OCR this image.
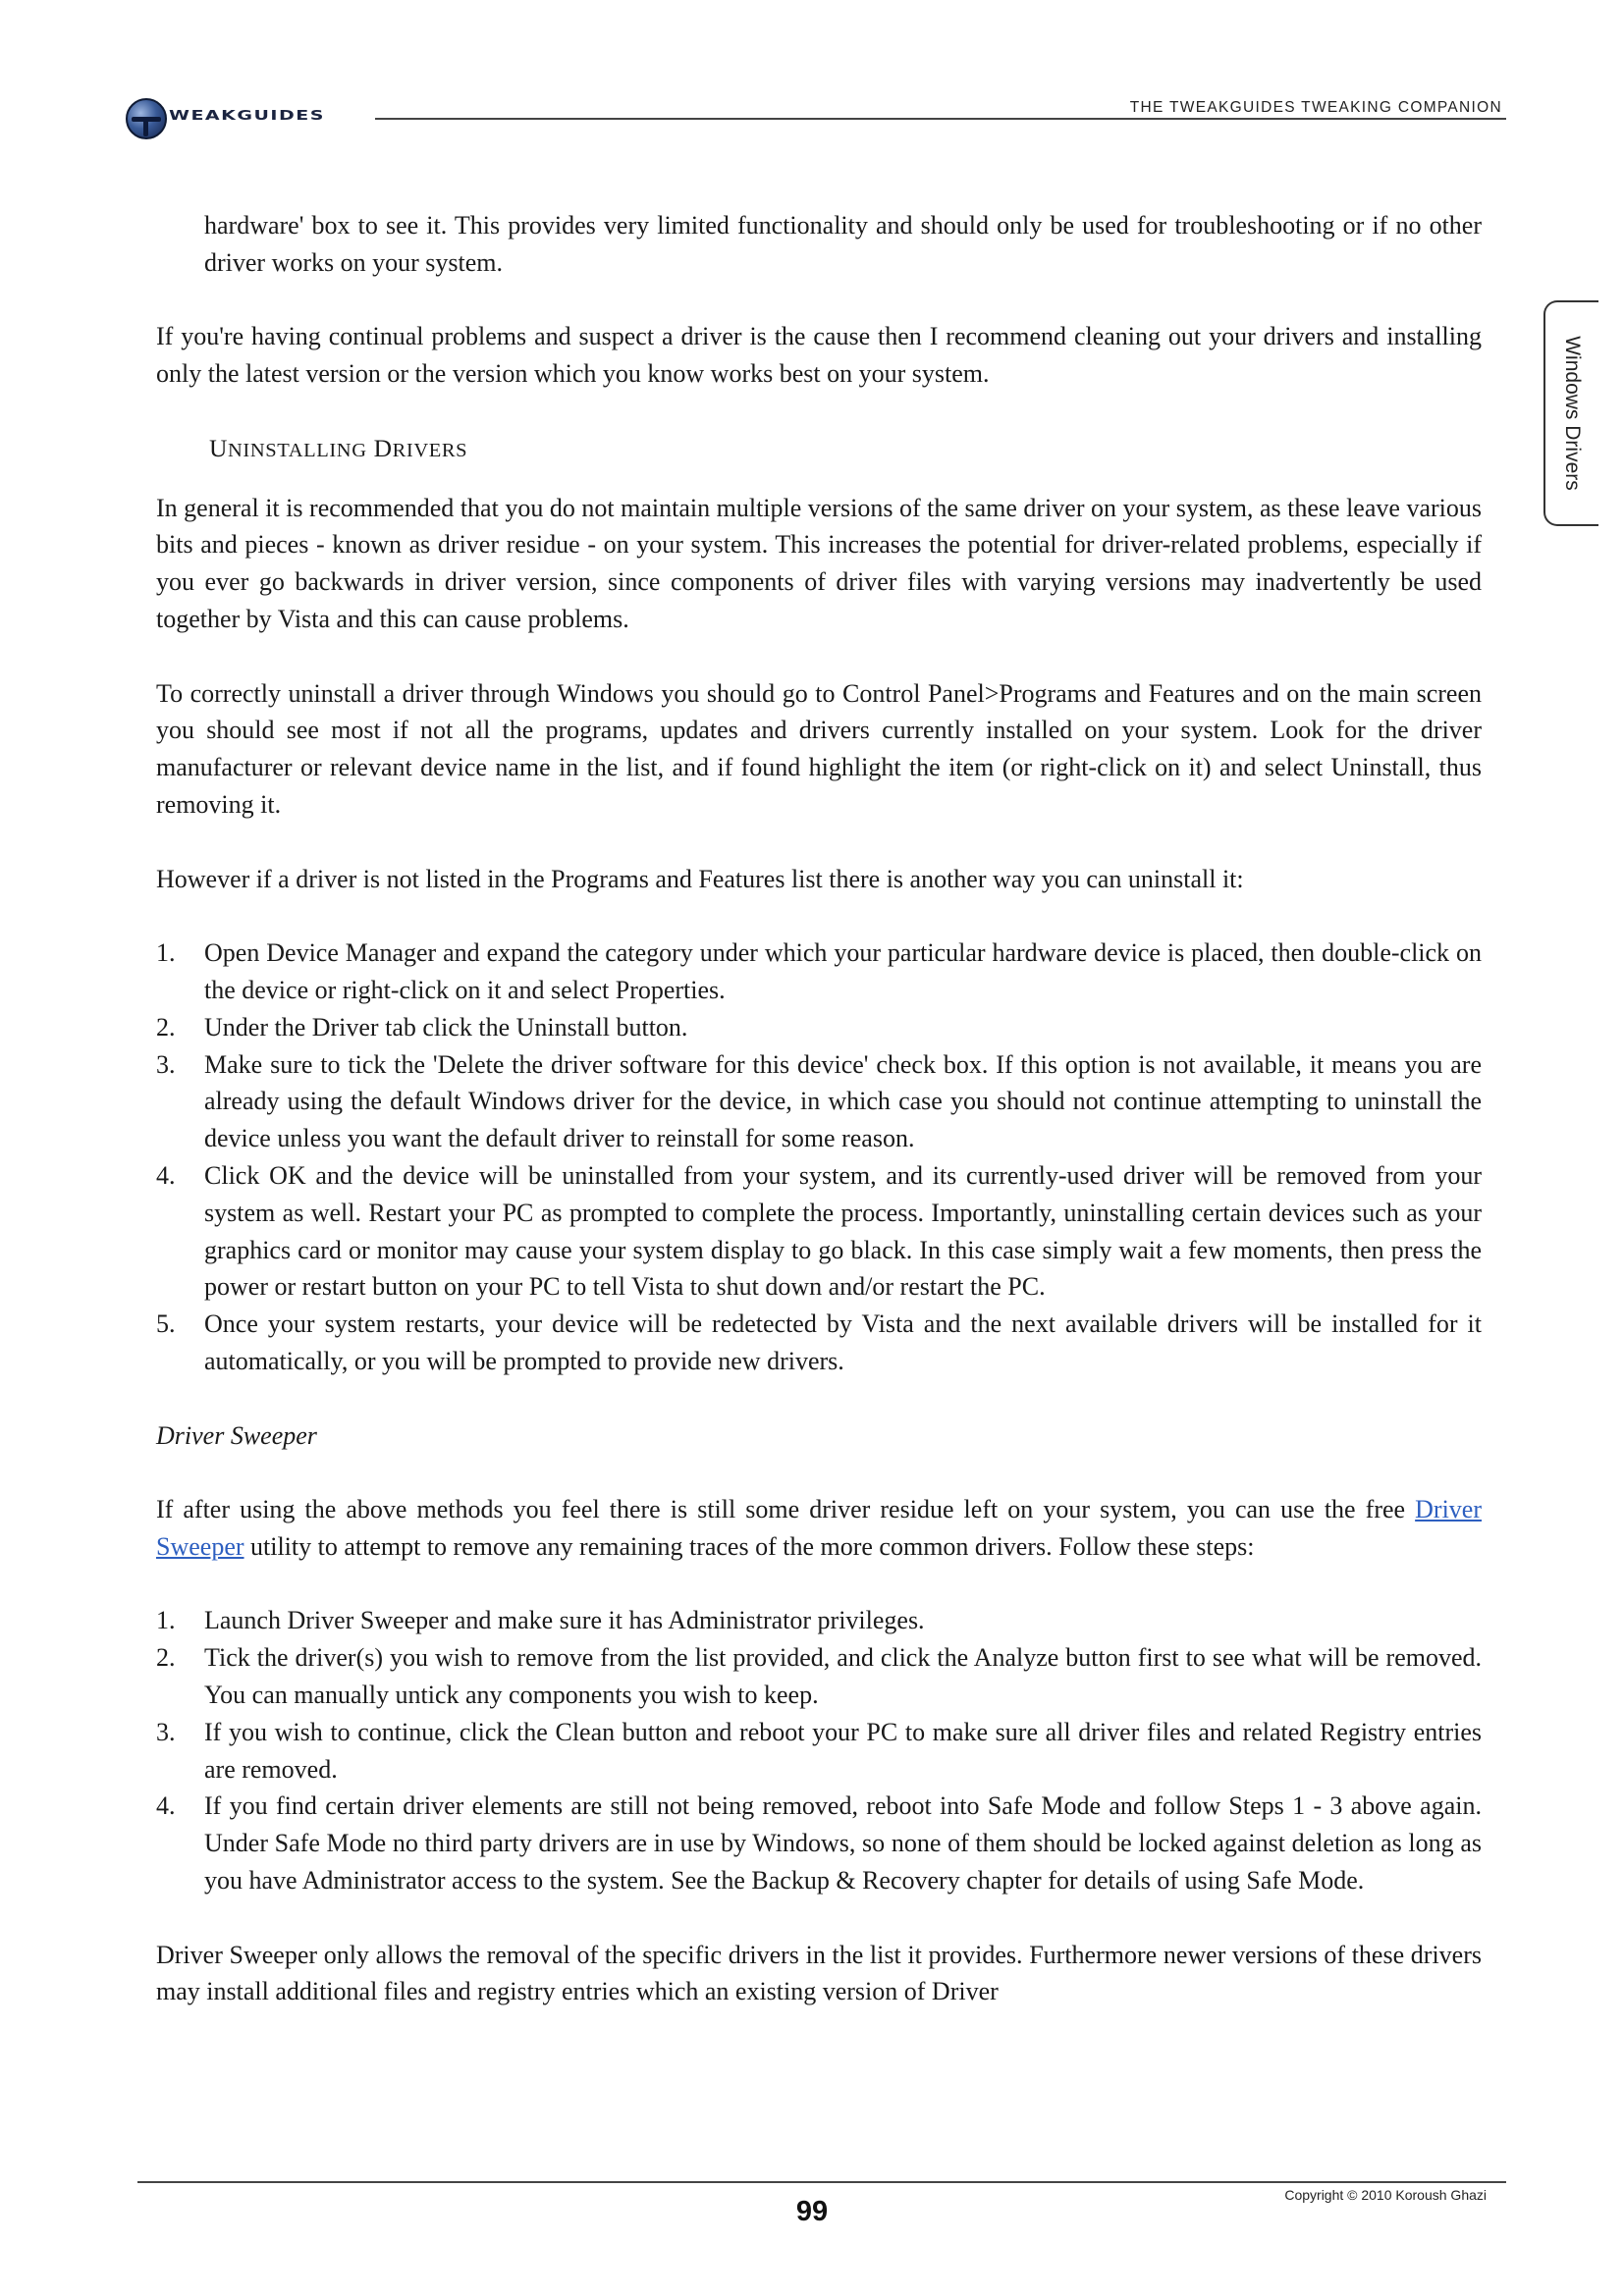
WEAKGUIDES	THE TWEAKGUIDES TWEAKING COMPANION
Windows Drivers

hardware' box to see it. This provides very limited functionality and should only be used for troubleshooting or if no other driver works on your system.

If you're having continual problems and suspect a driver is the cause then I recommend cleaning out your drivers and installing only the latest version or the version which you know works best on your system.

UNINSTALLING DRIVERS

In general it is recommended that you do not maintain multiple versions of the same driver on your system, as these leave various bits and pieces - known as driver residue - on your system. This increases the potential for driver-related problems, especially if you ever go backwards in driver version, since components of driver files with varying versions may inadvertently be used together by Vista and this can cause problems.

To correctly uninstall a driver through Windows you should go to Control Panel>Programs and Features and on the main screen you should see most if not all the programs, updates and drivers currently installed on your system. Look for the driver manufacturer or relevant device name in the list, and if found highlight the item (or right-click on it) and select Uninstall, thus removing it.

However if a driver is not listed in the Programs and Features list there is another way you can uninstall it:

1. Open Device Manager and expand the category under which your particular hardware device is placed, then double-click on the device or right-click on it and select Properties.
2. Under the Driver tab click the Uninstall button.
3. Make sure to tick the 'Delete the driver software for this device' check box. If this option is not available, it means you are already using the default Windows driver for the device, in which case you should not continue attempting to uninstall the device unless you want the default driver to reinstall for some reason.
4. Click OK and the device will be uninstalled from your system, and its currently-used driver will be removed from your system as well. Restart your PC as prompted to complete the process. Importantly, uninstalling certain devices such as your graphics card or monitor may cause your system display to go black. In this case simply wait a few moments, then press the power or restart button on your PC to tell Vista to shut down and/or restart the PC.
5. Once your system restarts, your device will be redetected by Vista and the next available drivers will be installed for it automatically, or you will be prompted to provide new drivers.
Driver Sweeper

If after using the above methods you feel there is still some driver residue left on your system, you can use the free Driver Sweeper utility to attempt to remove any remaining traces of the more common drivers. Follow these steps:

1. Launch Driver Sweeper and make sure it has Administrator privileges.
2. Tick the driver(s) you wish to remove from the list provided, and click the Analyze button first to see what will be removed. You can manually untick any components you wish to keep.
3. If you wish to continue, click the Clean button and reboot your PC to make sure all driver files and related Registry entries are removed.
4. If you find certain driver elements are still not being removed, reboot into Safe Mode and follow Steps 1 - 3 above again. Under Safe Mode no third party drivers are in use by Windows, so none of them should be locked against deletion as long as you have Administrator access to the system. See the Backup & Recovery chapter for details of using Safe Mode.

Driver Sweeper only allows the removal of the specific drivers in the list it provides. Furthermore newer versions of these drivers may install additional files and registry entries which an existing version of Driver

Copyright © 2010 Koroush Ghazi
99
